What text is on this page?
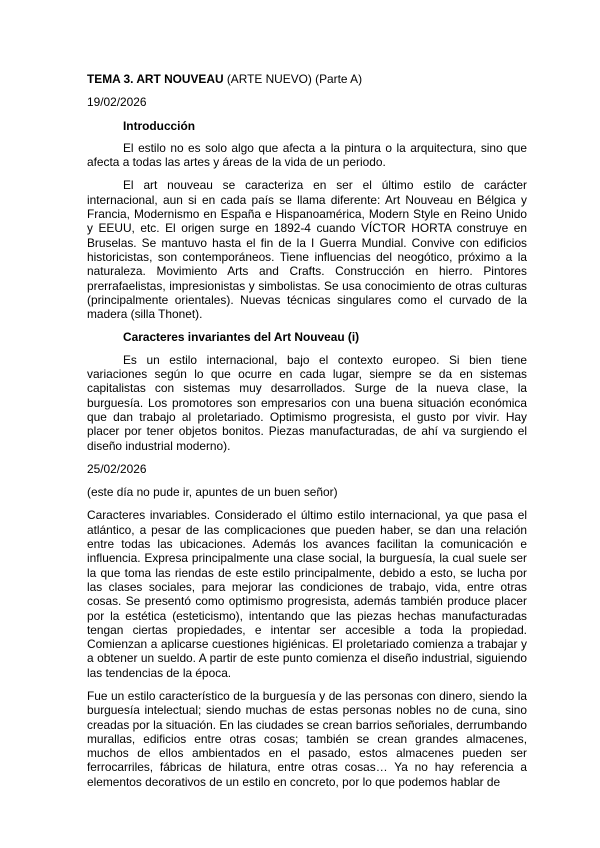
TEMA 3. ART NOUVEAU (ARTE NUEVO) (Parte A)
19/02/2026
Introducción

El estilo no es solo algo que afecta a la pintura o la arquitectura, sino que afecta a todas las artes y áreas de la vida de un periodo.

El art nouveau se caracteriza en ser el último estilo de carácter internacional, aun si en cada país se llama diferente: Art Nouveau en Bélgica y Francia, Modernismo en España e Hispanoamérica, Modern Style en Reino Unido y EEUU, etc. El origen surge en 1892-4 cuando VÍCTOR HORTA construye en Bruselas. Se mantuvo hasta el fin de la I Guerra Mundial. Convive con edificios historicistas, son contemporáneos. Tiene influencias del neogótico, próximo a la naturaleza. Movimiento Arts and Crafts. Construcción en hierro. Pintores prerrafaelistas, impresionistas y simbolistas. Se usa conocimiento de otras culturas (principalmente orientales). Nuevas técnicas singulares como el curvado de la madera (silla Thonet).

Caracteres invariantes del Art Nouveau (i)

Es un estilo internacional, bajo el contexto europeo. Si bien tiene variaciones según lo que ocurre en cada lugar, siempre se da en sistemas capitalistas con sistemas muy desarrollados. Surge de la nueva clase, la burguesía. Los promotores son empresarios con una buena situación económica que dan trabajo al proletariado. Optimismo progresista, el gusto por vivir. Hay placer por tener objetos bonitos. Piezas manufacturadas, de ahí va surgiendo el diseño industrial moderno).

25/02/2026
(este día no pude ir, apuntes de un buen señor)

Caracteres invariables. Considerado el último estilo internacional, ya que pasa el atlántico, a pesar de las complicaciones que pueden haber, se dan una relación entre todas las ubicaciones. Además los avances facilitan la comunicación e influencia. Expresa principalmente una clase social, la burguesía, la cual suele ser la que toma las riendas de este estilo principalmente, debido a esto, se lucha por las clases sociales, para mejorar las condiciones de trabajo, vida, entre otras cosas. Se presentó como optimismo progresista, además también produce placer por la estética (esteticismo), intentando que las piezas hechas manufacturadas tengan ciertas propiedades, e intentar ser accesible a toda la propiedad. Comienzan a aplicarse cuestiones higiénicas. El proletariado comienza a trabajar y a obtener un sueldo. A partir de este punto comienza el diseño industrial, siguiendo las tendencias de la época.

Fue un estilo característico de la burguesía y de las personas con dinero, siendo la burguesía intelectual; siendo muchas de estas personas nobles no de cuna, sino creadas por la situación. En las ciudades se crean barrios señoriales, derrumbando murallas, edificios entre otras cosas; también se crean grandes almacenes, muchos de ellos ambientados en el pasado, estos almacenes pueden ser ferrocarriles, fábricas de hilatura, entre otras cosas… Ya no hay referencia a elementos decorativos de un estilo en concreto, por lo que podemos hablar de
